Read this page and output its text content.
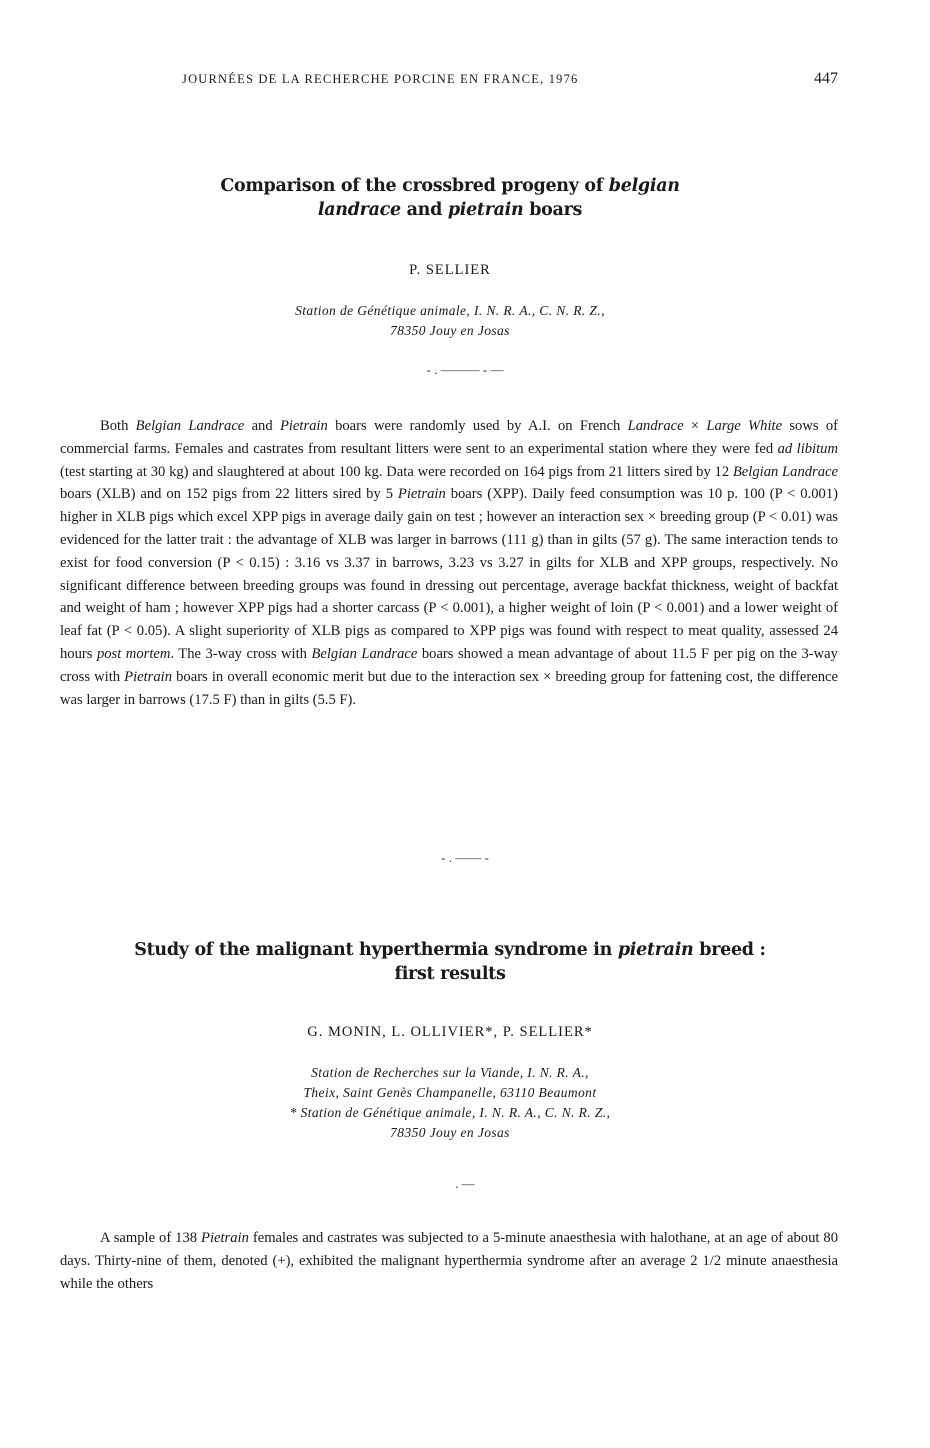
JOURNÉES DE LA RECHERCHE PORCINE EN FRANCE, 1976	447
Comparison of the crossbred progeny of belgian
landrace and pietrain boars
P. SELLIER
Station de Génétique animale, I. N. R. A., C. N. R. Z.,
78350 Jouy en Josas
- . ——— - —

Both Belgian Landrace and Pietrain boars were randomly used by A.I. on French Landrace × Large White sows of commercial farms. Females and castrates from resultant litters were sent to an experimental station where they were fed ad libitum (test starting at 30 kg) and slaughtered at about 100 kg. Data were recorded on 164 pigs from 21 litters sired by 12 Belgian Landrace boars (XLB) and on 152 pigs from 22 litters sired by 5 Pietrain boars (XPP). Daily feed consumption was 10 p. 100 (P < 0.001) higher in XLB pigs which excel XPP pigs in average daily gain on test ; however an interaction sex × breeding group (P < 0.01) was evidenced for the latter trait : the advantage of XLB was larger in barrows (111 g) than in gilts (57 g). The same interaction tends to exist for food conversion (P < 0.15) : 3.16 vs 3.37 in barrows, 3.23 vs 3.27 in gilts for XLB and XPP groups, respectively. No significant difference between breeding groups was found in dressing out percentage, average backfat thickness, weight of backfat and weight of ham ; however XPP pigs had a shorter carcass (P < 0.001), a higher weight of loin (P < 0.001) and a lower weight of leaf fat (P < 0.05). A slight superiority of XLB pigs as compared to XPP pigs was found with respect to meat quality, assessed 24 hours post mortem. The 3-way cross with Belgian Landrace boars showed a mean advantage of about 11.5 F per pig on the 3-way cross with Pietrain boars in overall economic merit but due to the interaction sex × breeding group for fattening cost, the difference was larger in barrows (17.5 F) than in gilts (5.5 F).

- . —— -
Study of the malignant hyperthermia syndrome in pietrain breed :
first results
G. MONIN, L. OLLIVIER*, P. SELLIER*
Station de Recherches sur la Viande, I. N. R. A.,
Theix, Saint Genès Champanelle, 63110 Beaumont
* Station de Génétique animale, I. N. R. A., C. N. R. Z.,
78350 Jouy en Josas
. —

A sample of 138 Pietrain females and castrates was subjected to a 5-minute anaesthesia with halothane, at an age of about 80 days. Thirty-nine of them, denoted (+), exhibited the malignant hyperthermia syndrome after an average 2 1/2 minute anaesthesia while the others
